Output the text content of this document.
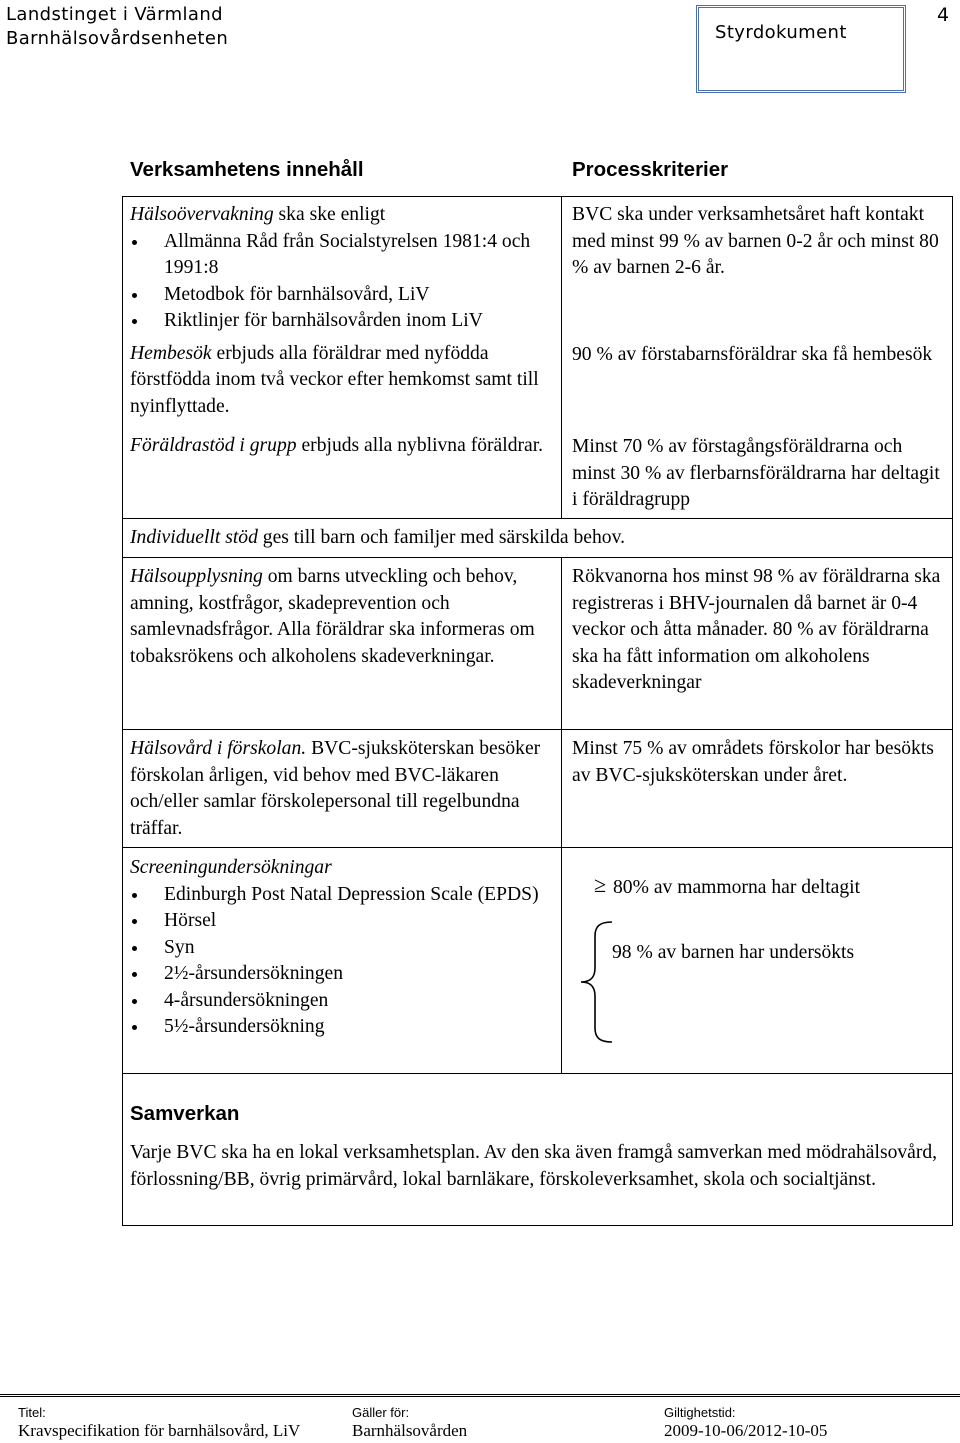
Landstinget i Värmland
Barnhälsovårdsenheten	Styrdokument
4
Verksamhetens innehåll	Processkriterier
Hälsoövervakning ska ske enligt
Allmänna Råd från Socialstyrelsen 1981:4 och 1991:8
Metodbok för barnhälsovård, LiV
Riktlinjer för barnhälsovården inom LiV
Hembesök erbjuds alla föräldrar med nyfödda förstfödda inom två veckor efter hemkomst samt till nyinflyttade.
Föräldrastöd i grupp erbjuds alla nyblivna föräldrar.
BVC ska under verksamhetsåret haft kontakt med minst 99 % av barnen 0-2 år och minst 80 % av barnen 2-6 år.
90 % av förstabarnsföräldrar ska få hembesök
Minst 70 % av förstagångsföräldrarna och minst 30 % av flerbarnsföräldrarna har deltagit i föräldragrupp
Individuellt stöd ges till barn och familjer med särskilda behov.
Hälsoupplysning om barns utveckling och behov, amning, kostfrågor, skadeprevention och samlevnadsfrågor. Alla föräldrar ska informeras om tobaksrökens och alkoholens skadeverkningar.
Rökvanorna hos minst 98 % av föräldrarna ska registreras i BHV-journalen då barnet är 0-4 veckor och åtta månader. 80 % av föräldrarna ska ha fått information om alkoholens skadeverkningar
Hälsovård i förskolan. BVC-sjuksköterskan besöker förskolan årligen, vid behov med BVC-läkaren och/eller samlar förskolepersonal till regelbundna träffar.
Minst 75 % av områdets förskolor har besökts av BVC-sjuksköterskan under året.
Screeningundersökningar
Edinburgh Post Natal Depression Scale (EPDS)
Hörsel
Syn
2½-årsundersökningen
4-årsundersökningen
5½-årsundersökning
≥ 80% av mammorna har deltagit
98 % av barnen har undersökts
Samverkan
Varje BVC ska ha en lokal verksamhetsplan. Av den ska även framgå samverkan med mödrahälsovård, förlossning/BB, övrig primärvård, lokal barnläkare, förskoleverksamhet, skola och socialtjänst.
Titel:
Kravspecifikation för barnhälsovård, LiV
Gäller för:
Barnhälsovården
Giltighetstid:
2009-10-06/2012-10-05
